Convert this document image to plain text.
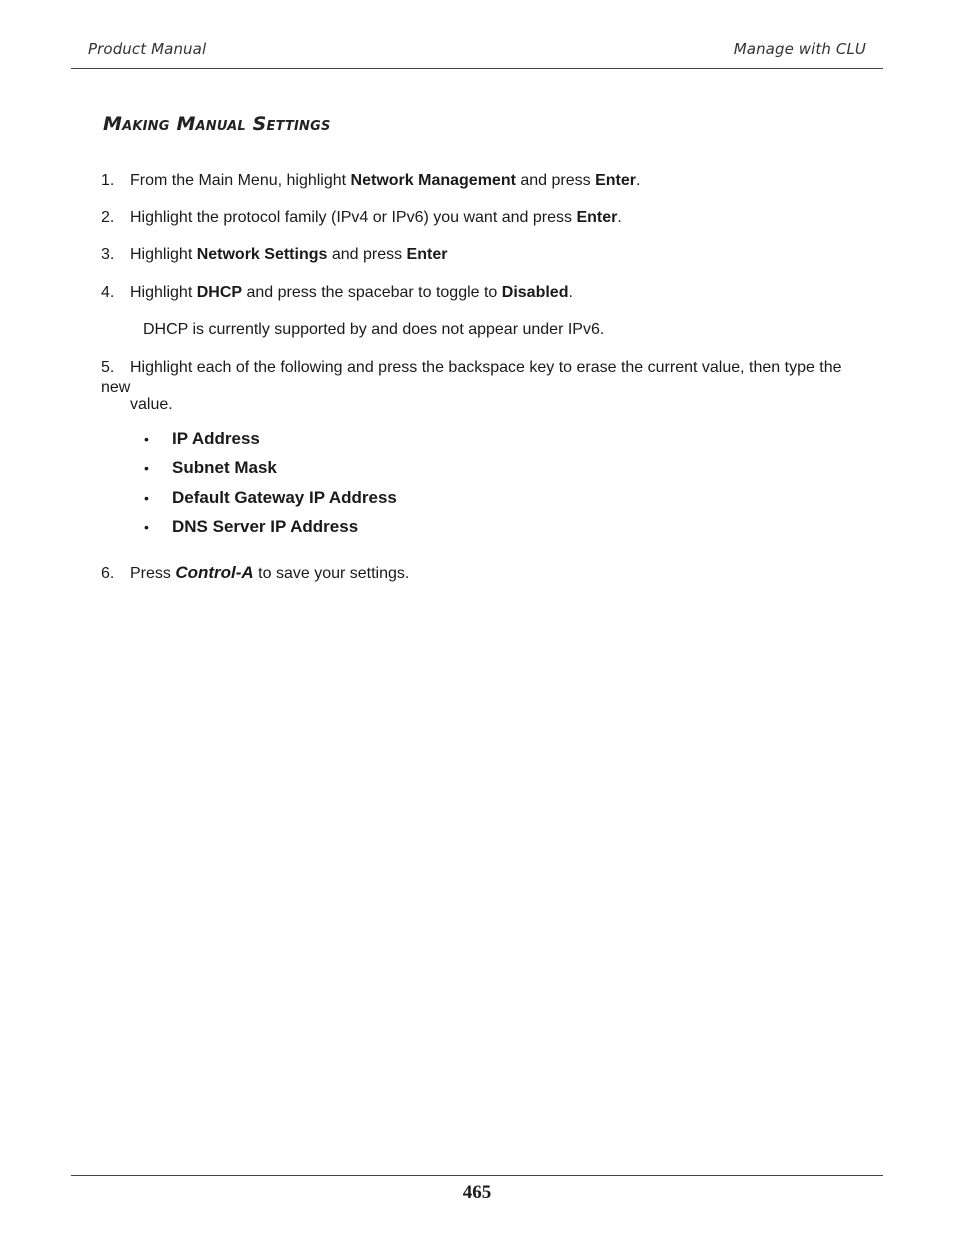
Product Manual	Manage with CLU
Making Manual Settings
1. From the Main Menu, highlight Network Management and press Enter.
2. Highlight the protocol family (IPv4 or IPv6) you want and press Enter.
3. Highlight Network Settings and press Enter
4. Highlight DHCP and press the spacebar to toggle to Disabled.
DHCP is currently supported by and does not appear under IPv6.
5. Highlight each of the following and press the backspace key to erase the current value, then type the new
value.
• IP Address
• Subnet Mask
• Default Gateway IP Address
• DNS Server IP Address
6. Press Control-A to save your settings.
465
